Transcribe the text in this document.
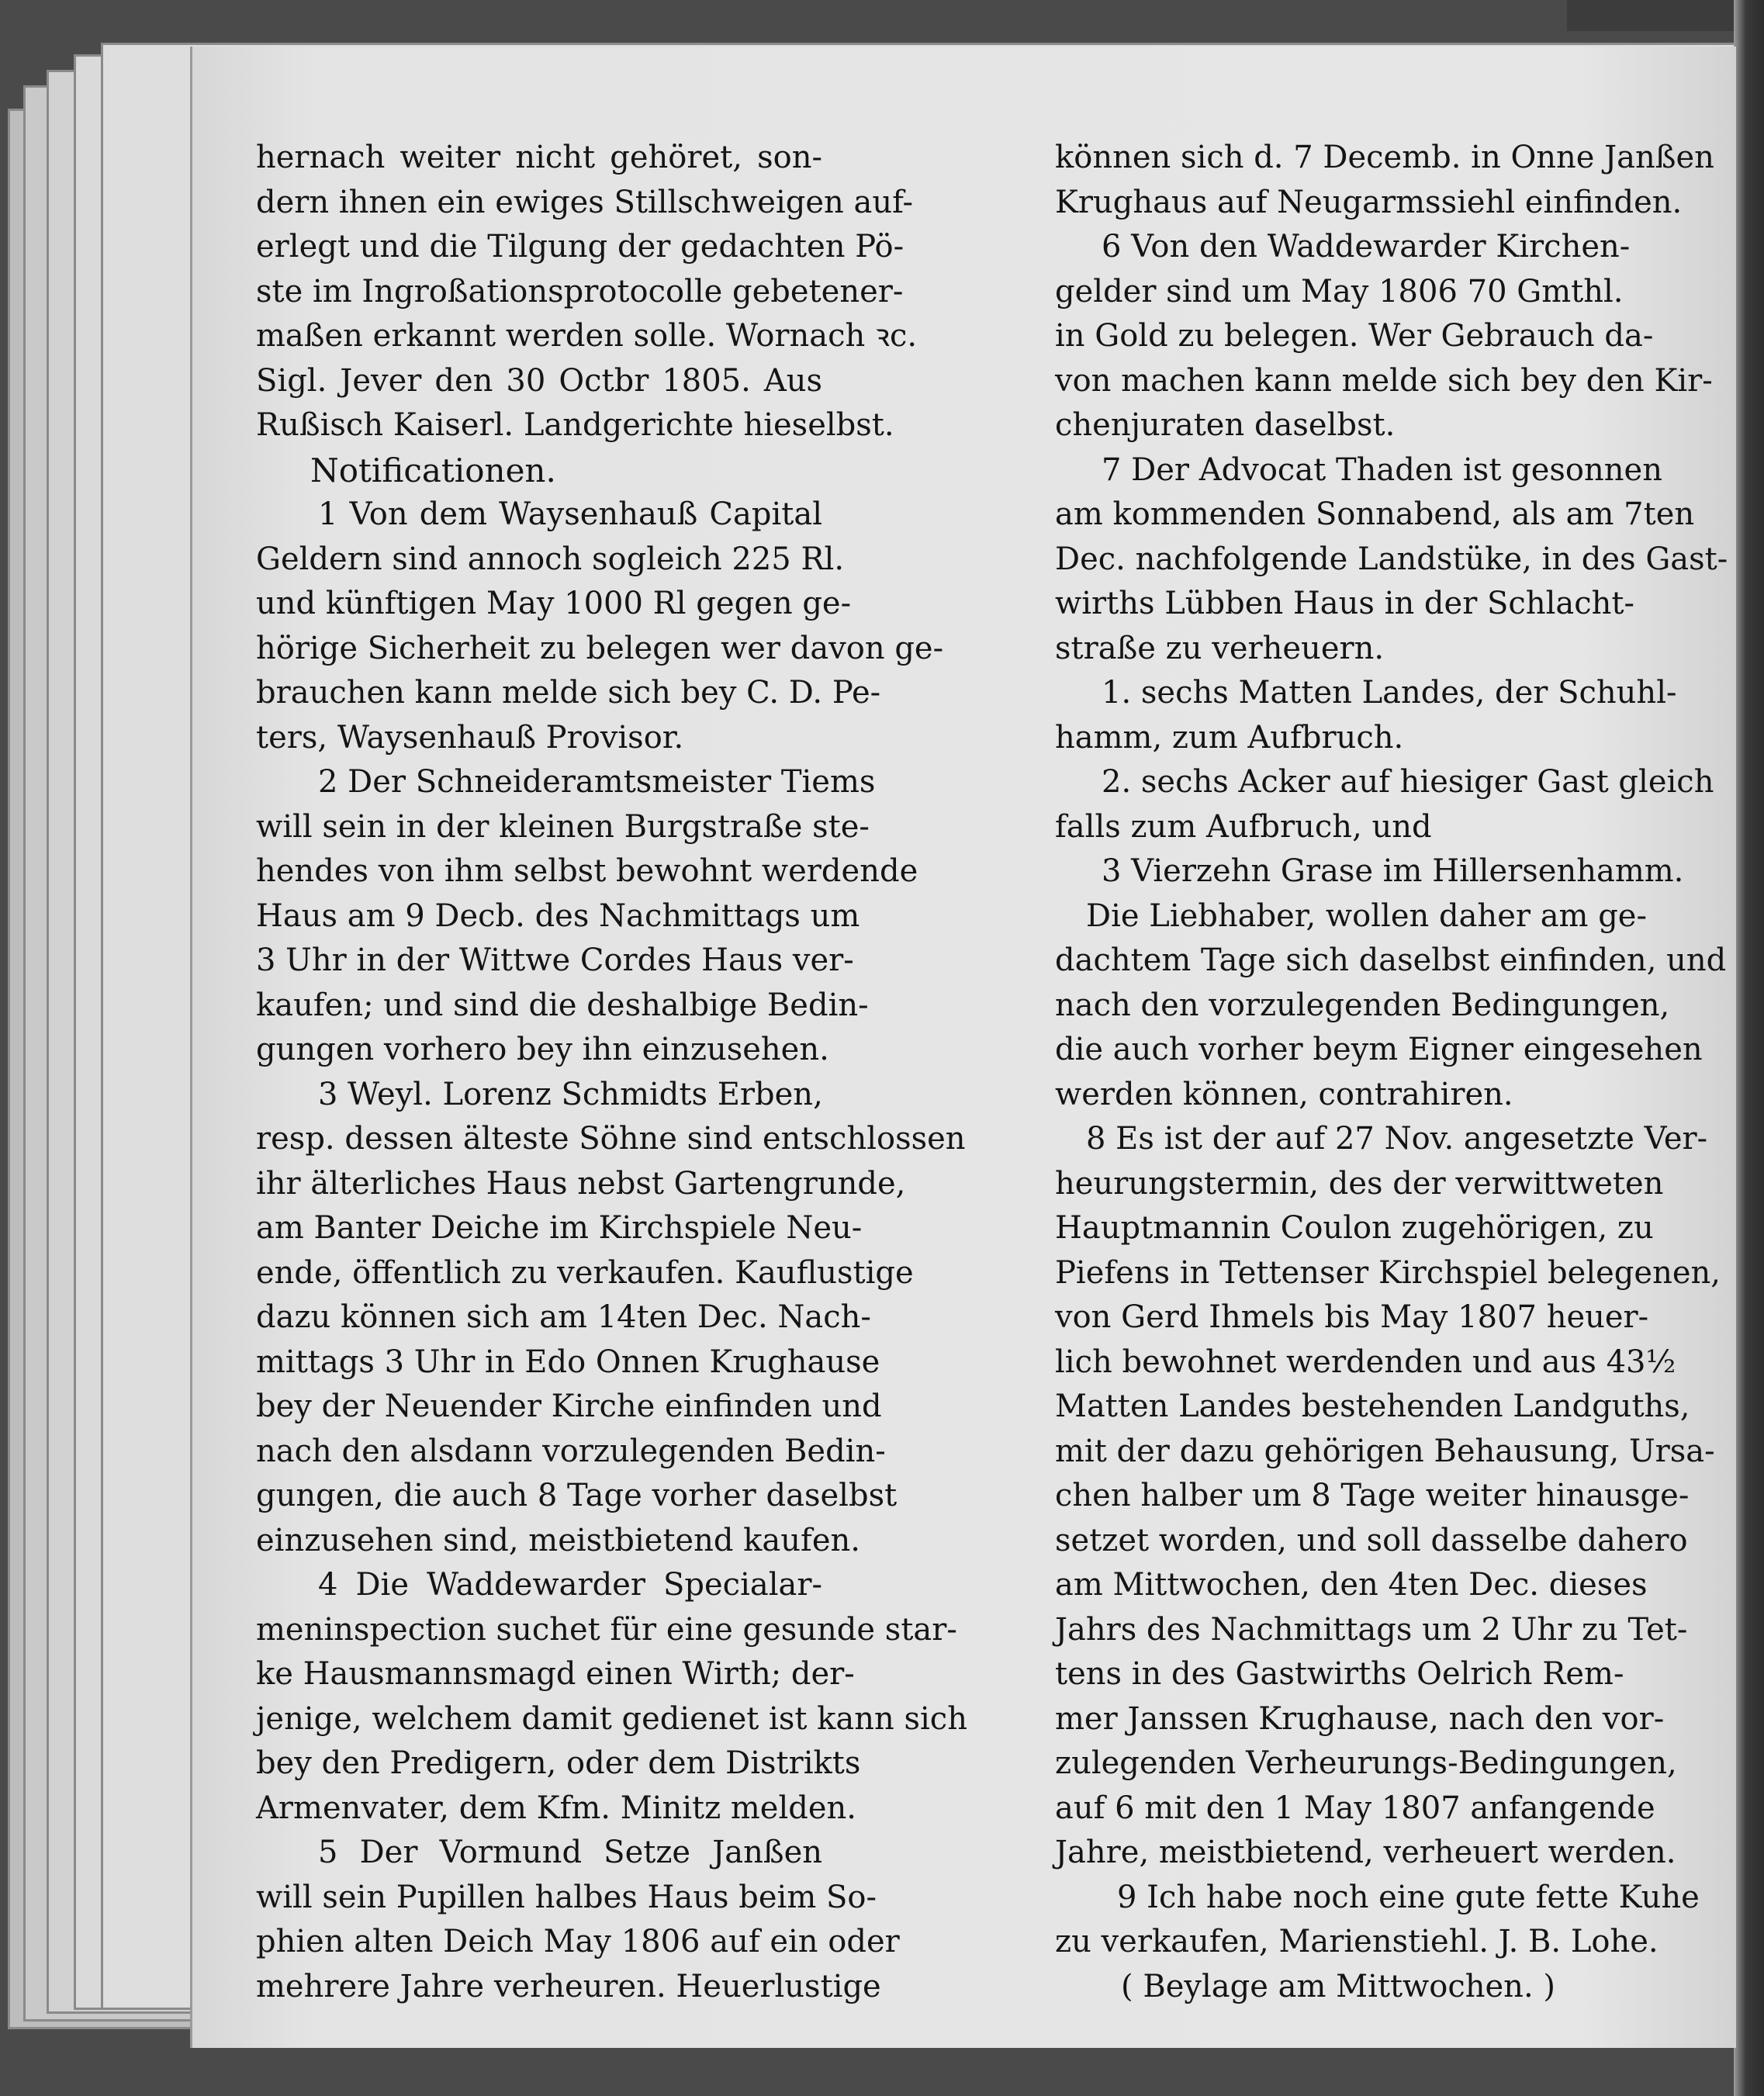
hernach weiter nicht gehöret, son-
dern ihnen ein ewiges Stillschweigen auf-
erlegt und die Tilgung der gedachten Pö-
ste im Ingroßationsprotocolle gebetener-
maßen erkannt werden solle. Wornach ꝛc.
Sigl. Jever den 30 Octbr 1805. Aus
Rußisch Kaiserl. Landgerichte hieselbst.
Notificationen.
1 Von dem Waysenhauß Capital
Geldern sind annoch sogleich 225 Rl.
und künftigen May 1000 Rl gegen ge-
hörige Sicherheit zu belegen wer davon ge-
brauchen kann melde sich bey C. D. Pe-
ters, Waysenhauß Provisor.
2 Der Schneideramtsmeister Tiems
will sein in der kleinen Burgstraße ste-
hendes von ihm selbst bewohnt werdende
Haus am 9 Decb. des Nachmittags um
3 Uhr in der Wittwe Cordes Haus ver-
kaufen; und sind die deshalbige Bedin-
gungen vorhero bey ihn einzusehen.
3 Weyl. Lorenz Schmidts Erben,
resp. dessen älteste Söhne sind entschlossen
ihr älterliches Haus nebst Gartengrunde,
am Banter Deiche im Kirchspiele Neu-
ende, öffentlich zu verkaufen. Kauflustige
dazu können sich am 14ten Dec. Nach-
mittags 3 Uhr in Edo Onnen Krughause
bey der Neuender Kirche einfinden und
nach den alsdann vorzulegenden Bedin-
gungen, die auch 8 Tage vorher daselbst
einzusehen sind, meistbietend kaufen.
4 Die Waddewarder Specialar-
meninspection suchet für eine gesunde star-
ke Hausmannsmagd einen Wirth; der-
jenige, welchem damit gedienet ist kann sich
bey den Predigern, oder dem Distrikts
Armenvater, dem Kfm. Minitz melden.
5 Der Vormund Setze Janßen
will sein Pupillen halbes Haus beim So-
phien alten Deich May 1806 auf ein oder
mehrere Jahre verheuren. Heuerlustige
können sich d. 7 Decemb. in Onne Janßen
Krughaus auf Neugarmssiehl einfinden.
6 Von den Waddewarder Kirchen-
gelder sind um May 1806 70 Gmthl.
in Gold zu belegen. Wer Gebrauch da-
von machen kann melde sich bey den Kir-
chenjuraten daselbst.
7 Der Advocat Thaden ist gesonnen
am kommenden Sonnabend, als am 7ten
Dec. nachfolgende Landstüke, in des Gast-
wirths Lübben Haus in der Schlacht-
straße zu verheuern.
1. sechs Matten Landes, der Schuhl-
hamm, zum Aufbruch.
2. sechs Acker auf hiesiger Gast gleich
falls zum Aufbruch, und
3 Vierzehn Grase im Hillersenhamm.
Die Liebhaber, wollen daher am ge-
dachtem Tage sich daselbst einfinden, und
nach den vorzulegenden Bedingungen,
die auch vorher beym Eigner eingesehen
werden können, contrahiren.
8 Es ist der auf 27 Nov. angesetzte Ver-
heurungstermin, des der verwittweten
Hauptmannin Coulon zugehörigen, zu
Piefens in Tettenser Kirchspiel belegenen,
von Gerd Ihmels bis May 1807 heuer-
lich bewohnet werdenden und aus 43½
Matten Landes bestehenden Landguths,
mit der dazu gehörigen Behausung, Ursa-
chen halber um 8 Tage weiter hinausge-
setzet worden, und soll dasselbe dahero
am Mittwochen, den 4ten Dec. dieses
Jahrs des Nachmittags um 2 Uhr zu Tet-
tens in des Gastwirths Oelrich Rem-
mer Janssen Krughause, nach den vor-
zulegenden Verheurungs-Bedingungen,
auf 6 mit den 1 May 1807 anfangende
Jahre, meistbietend, verheuert werden.
9 Ich habe noch eine gute fette Kuhe
zu verkaufen, Marienstiehl. J. B. Lohe.
( Beylage am Mittwochen. )
